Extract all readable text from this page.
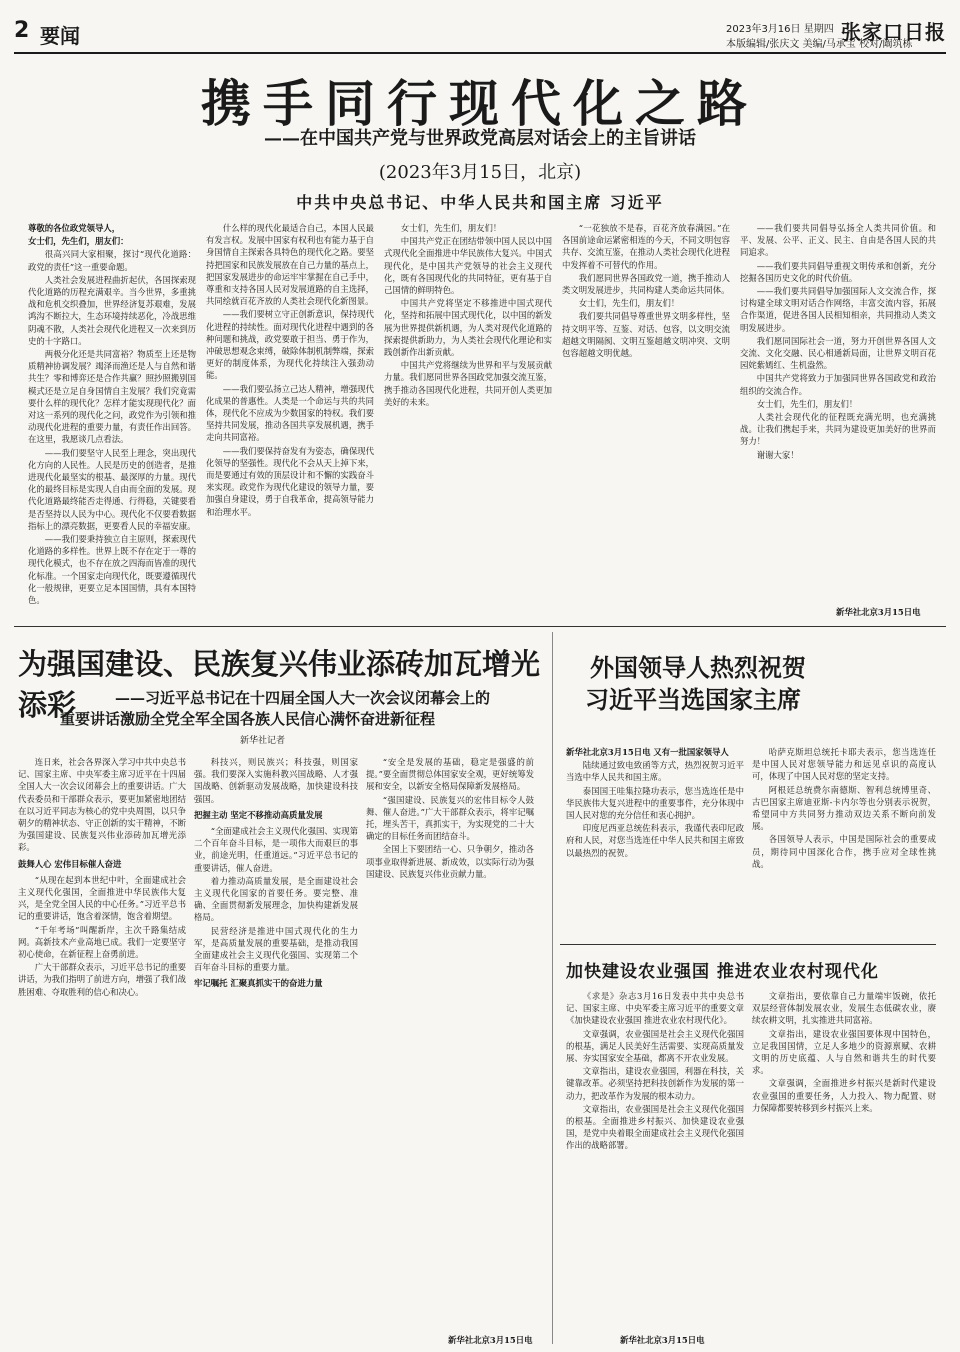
2 要闻	2023年3月16日 星期四
本版编辑/张庆文 美编/马承宝 校对/阚筑栋
张家口日报
携手同行现代化之路
——在中国共产党与世界政党高层对话会上的主旨讲话
(2023年3月15日，北京)
中共中央总书记、中华人民共和国主席 习近平

尊敬的各位政党领导人，

女士们，先生们，朋友们：

很高兴同大家相聚，探讨“现代化道路：政党的责任”这一重要命题。

人类社会发展进程曲折起伏，各国探索现代化道路的历程充满艰辛。当今世界，多重挑战和危机交织叠加，世界经济复苏艰难，发展鸿沟不断拉大，生态环境持续恶化，冷战思维阴魂不散，人类社会现代化进程又一次来到历史的十字路口。

两极分化还是共同富裕？物质至上还是物质精神协调发展？竭泽而渔还是人与自然和谐共生？零和博弈还是合作共赢？照抄照搬别国模式还是立足自身国情自主发展？我们究竟需要什么样的现代化？怎样才能实现现代化？面对这一系列的现代化之问，政党作为引领和推动现代化进程的重要力量，有责任作出回答。在这里，我愿谈几点看法。

——我们要坚守人民至上理念，突出现代化方向的人民性。人民是历史的创造者，是推进现代化最坚实的根基、最深厚的力量。现代化的最终目标是实现人自由而全面的发展。现代化道路最终能否走得通、行得稳，关键要看是否坚持以人民为中心。现代化不仅要看数据指标上的漂亮数据，更要看人民的幸福安康。

——我们要秉持独立自主原则，探索现代化道路的多样性。世界上既不存在定于一尊的现代化模式，也不存在放之四海而皆准的现代化标准。一个国家走向现代化，既要遵循现代化一般规律，更要立足本国国情，具有本国特色。

什么样的现代化最适合自己，本国人民最有发言权。发展中国家有权利也有能力基于自身国情自主探索各具特色的现代化之路。要坚持把国家和民族发展放在自己力量的基点上，把国家发展进步的命运牢牢掌握在自己手中，尊重和支持各国人民对发展道路的自主选择，共同绘就百花齐放的人类社会现代化新图景。

——我们要树立守正创新意识，保持现代化进程的持续性。面对现代化进程中遇到的各种问题和挑战，政党要敢于担当、勇于作为，冲破思想观念束缚，破除体制机制弊端，探索更好的制度体系，为现代化持续注入强劲动能。

——我们要弘扬立己达人精神，增强现代化成果的普惠性。人类是一个命运与共的共同体，现代化不应成为少数国家的特权。我们要坚持共同发展，推动各国共享发展机遇，携手走向共同富裕。

——我们要保持奋发有为姿态，确保现代化领导的坚强性。现代化不会从天上掉下来，而是要通过有效的顶层设计和不懈的实践奋斗来实现。政党作为现代化建设的领导力量，要加强自身建设，勇于自我革命，提高领导能力和治理水平。

女士们，先生们，朋友们！

中国共产党正在团结带领中国人民以中国式现代化全面推进中华民族伟大复兴。中国式现代化，是中国共产党领导的社会主义现代化，既有各国现代化的共同特征，更有基于自己国情的鲜明特色。

中国共产党将坚定不移推进中国式现代化，坚持和拓展中国式现代化，以中国的新发展为世界提供新机遇，为人类对现代化道路的探索提供新助力，为人类社会现代化理论和实践创新作出新贡献。

中国共产党将继续为世界和平与发展贡献力量。我们愿同世界各国政党加强交流互鉴，携手推动各国现代化进程，共同开创人类更加美好的未来。

“一花独放不是春，百花齐放春满园。”在各国前途命运紧密相连的今天，不同文明包容共存、交流互鉴，在推动人类社会现代化进程中发挥着不可替代的作用。

我们愿同世界各国政党一道，携手推动人类文明发展进步，共同构建人类命运共同体。

女士们，先生们，朋友们！

我们要共同倡导尊重世界文明多样性，坚持文明平等、互鉴、对话、包容，以文明交流超越文明隔阂、文明互鉴超越文明冲突、文明包容超越文明优越。

——我们要共同倡导弘扬全人类共同价值。和平、发展、公平、正义、民主、自由是各国人民的共同追求。

——我们要共同倡导重视文明传承和创新，充分挖掘各国历史文化的时代价值。

——我们要共同倡导加强国际人文交流合作，探讨构建全球文明对话合作网络，丰富交流内容，拓展合作渠道，促进各国人民相知相亲，共同推动人类文明发展进步。

我们愿同国际社会一道，努力开创世界各国人文交流、文化交融、民心相通新局面，让世界文明百花园姹紫嫣红、生机盎然。

中国共产党将致力于加强同世界各国政党和政治组织的交流合作。

女士们，先生们，朋友们！

人类社会现代化的征程既充满光明，也充满挑战。让我们携起手来，共同为建设更加美好的世界而努力！

谢谢大家！

新华社北京3月15日电
为强国建设、民族复兴伟业添砖加瓦增光添彩	——习近平总书记在十四届全国人大一次会议闭幕会上的
重要讲话激励全党全军全国各族人民信心满怀奋进新征程
新华社记者

连日来，社会各界深入学习中共中央总书记、国家主席、中央军委主席习近平在十四届全国人大一次会议闭幕会上的重要讲话。广大代表委员和干部群众表示，要更加紧密地团结在以习近平同志为核心的党中央周围，以只争朝夕的精神状态、守正创新的实干精神，不断为强国建设、民族复兴伟业添砖加瓦增光添彩。

鼓舞人心 宏伟目标催人奋进

“从现在起到本世纪中叶，全面建成社会主义现代化强国，全面推进中华民族伟大复兴，是全党全国人民的中心任务。”习近平总书记的重要讲话，饱含着深情，饱含着期望。

“千年考场”叫醒新岸，主次千路集结成网。高新技术产业高地已成。我们一定要坚守初心使命，在新征程上奋勇前进。

广大干部群众表示，习近平总书记的重要讲话，为我们指明了前进方向，增强了我们战胜困难、夺取胜利的信心和决心。

科技兴，则民族兴；科技强，则国家强。我们要深入实施科教兴国战略、人才强国战略、创新驱动发展战略，加快建设科技强国。

把握主动 坚定不移推动高质量发展

“全面建成社会主义现代化强国、实现第二个百年奋斗目标，是一项伟大而艰巨的事业，前途光明，任重道远。”习近平总书记的重要讲话，催人奋进。

着力推动高质量发展，是全面建设社会主义现代化国家的首要任务。要完整、准确、全面贯彻新发展理念，加快构建新发展格局。

民营经济是推进中国式现代化的生力军，是高质量发展的重要基础，是推动我国全面建成社会主义现代化强国、实现第二个百年奋斗目标的重要力量。

牢记嘱托 汇聚真抓实干的奋进力量

“安全是发展的基础，稳定是强盛的前提。”要全面贯彻总体国家安全观，更好统筹发展和安全，以新安全格局保障新发展格局。

“强国建设、民族复兴的宏伟目标令人鼓舞、催人奋进。”广大干部群众表示，将牢记嘱托，埋头苦干，真抓实干，为实现党的二十大确定的目标任务而团结奋斗。

全国上下要团结一心、只争朝夕，推动各项事业取得新进展、新成效，以实际行动为强国建设、民族复兴伟业贡献力量。

新华社北京3月15日电
外国领导人热烈祝贺
习近平当选国家主席

新华社北京3月15日电 又有一批国家领导人

陆续通过致电致函等方式，热烈祝贺习近平当选中华人民共和国主席。

泰国国王哇集拉隆功表示，您当选连任是中华民族伟大复兴进程中的重要事件，充分体现中国人民对您的充分信任和衷心拥护。

印度尼西亚总统佐科表示，我谨代表印尼政府和人民，对您当选连任中华人民共和国主席致以最热烈的祝贺。

哈萨克斯坦总统托卡耶夫表示，您当选连任是中国人民对您领导能力和远见卓识的高度认可，体现了中国人民对您的坚定支持。

阿根廷总统费尔南德斯、智利总统博里奇、古巴国家主席迪亚斯-卡内尔等也分别表示祝贺，希望同中方共同努力推动双边关系不断向前发展。

各国领导人表示，中国是国际社会的重要成员，期待同中国深化合作，携手应对全球性挑战。

加快建设农业强国 推进农业农村现代化

《求是》杂志3月16日发表中共中央总书记、国家主席、中央军委主席习近平的重要文章《加快建设农业强国 推进农业农村现代化》。

文章强调，农业强国是社会主义现代化强国的根基，满足人民美好生活需要、实现高质量发展、夯实国家安全基础，都离不开农业发展。

文章指出，建设农业强国，利器在科技，关键靠改革。必须坚持把科技创新作为发展的第一动力，把改革作为发展的根本动力。

文章指出，农业强国是社会主义现代化强国的根基。全面推进乡村振兴、加快建设农业强国，是党中央着眼全面建成社会主义现代化强国作出的战略部署。

文章指出，要依靠自己力量端牢饭碗，依托双层经营体制发展农业，发展生态低碳农业，赓续农耕文明，扎实推进共同富裕。

文章指出，建设农业强国要体现中国特色，立足我国国情，立足人多地少的资源禀赋、农耕文明的历史底蕴、人与自然和谐共生的时代要求。

文章强调，全面推进乡村振兴是新时代建设农业强国的重要任务，人力投入、物力配置、财力保障都要转移到乡村振兴上来。

新华社北京3月15日电
